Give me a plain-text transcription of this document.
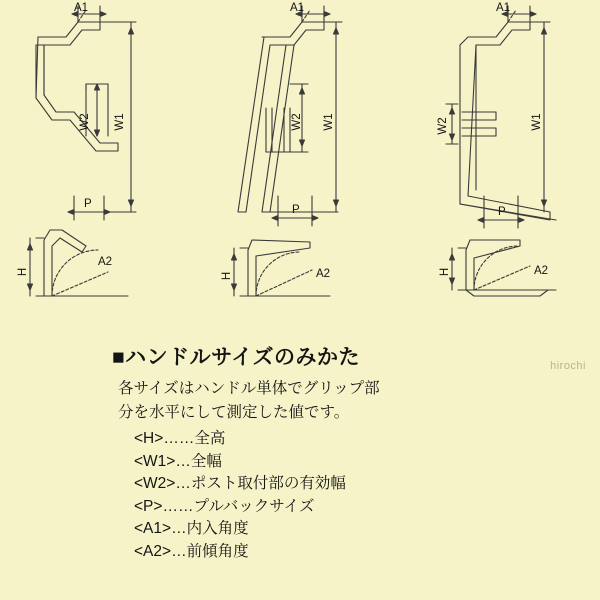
A1
W2 W1
P
H
A2
A1
W2 W1
P
H	A2
A1
W2	W1
P
H	A2
hirochi
■ハンドルサイズのみかた
各サイズはハンドル単体でグリップ部
分を水平にして測定した値です。
<H>……全高
<W1>…全幅
<W2>…ポスト取付部の有効幅
<P>……プルバックサイズ
<A1>…内入角度
<A2>…前傾角度
